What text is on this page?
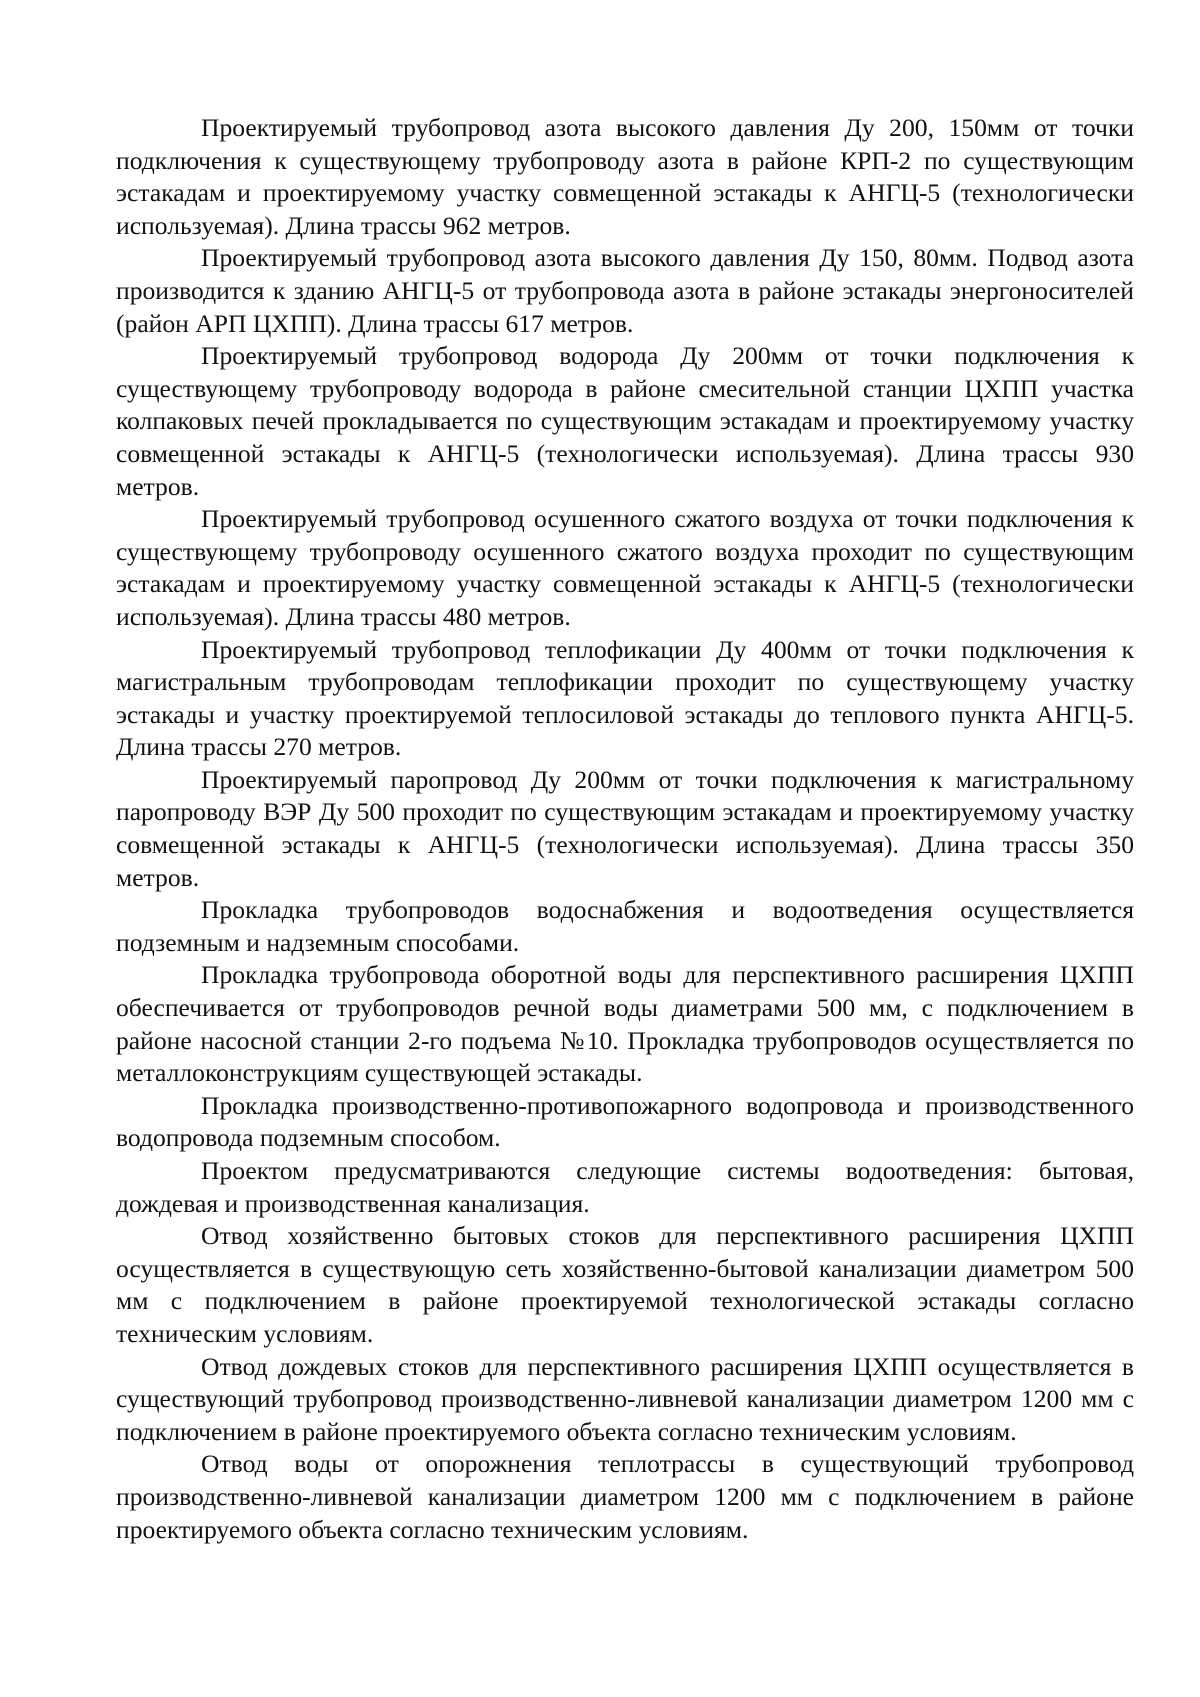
Проектируемый трубопровод азота высокого давления Ду 200, 150мм от точки подключения к существующему трубопроводу азота в районе КРП-2 по существующим эстакадам и проектируемому участку совмещенной эстакады к АНГЦ-5 (технологически используемая). Длина трассы 962 метров.

Проектируемый трубопровод азота высокого давления Ду 150, 80мм. Подвод азота производится к зданию АНГЦ-5 от трубопровода азота в районе эстакады энергоносителей (район АРП ЦХПП). Длина трассы 617 метров.

Проектируемый трубопровод водорода Ду 200мм от точки подключения к существующему трубопроводу водорода в районе смесительной станции ЦХПП участка колпаковых печей прокладывается по существующим эстакадам и проектируемому участку совмещенной эстакады к АНГЦ-5 (технологически используемая). Длина трассы 930 метров.

Проектируемый трубопровод осушенного сжатого воздуха от точки подключения к существующему трубопроводу осушенного сжатого воздуха проходит по существующим эстакадам и проектируемому участку совмещенной эстакады к АНГЦ-5 (технологически используемая). Длина трассы 480 метров.

Проектируемый трубопровод теплофикации Ду 400мм от точки подключения к магистральным трубопроводам теплофикации проходит по существующему участку эстакады и участку проектируемой теплосиловой эстакады до теплового пункта АНГЦ-5. Длина трассы 270 метров.

Проектируемый паропровод Ду 200мм от точки подключения к магистральному паропроводу ВЭР Ду 500 проходит по существующим эстакадам и проектируемому участку совмещенной эстакады к АНГЦ-5 (технологически используемая). Длина трассы 350 метров.

Прокладка трубопроводов водоснабжения и водоотведения осуществляется подземным и надземным способами.

Прокладка трубопровода оборотной воды для перспективного расширения ЦХПП обеспечивается от трубопроводов речной воды диаметрами 500 мм, с подключением в районе насосной станции 2-го подъема №10. Прокладка трубопроводов осуществляется по металлоконструкциям существующей эстакады.

Прокладка производственно-противопожарного водопровода и производственного водопровода подземным способом.

Проектом предусматриваются следующие системы водоотведения: бытовая, дождевая и производственная канализация.

Отвод хозяйственно бытовых стоков для перспективного расширения ЦХПП осуществляется в существующую сеть хозяйственно-бытовой канализации диаметром 500 мм с подключением в районе проектируемой технологической эстакады согласно техническим условиям.

Отвод дождевых стоков для перспективного расширения ЦХПП осуществляется в существующий трубопровод производственно-ливневой канализации диаметром 1200 мм с подключением в районе проектируемого объекта согласно техническим условиям.

Отвод воды от опорожнения теплотрассы в существующий трубопровод производственно-ливневой канализации диаметром 1200 мм с подключением в районе проектируемого объекта согласно техническим условиям.
